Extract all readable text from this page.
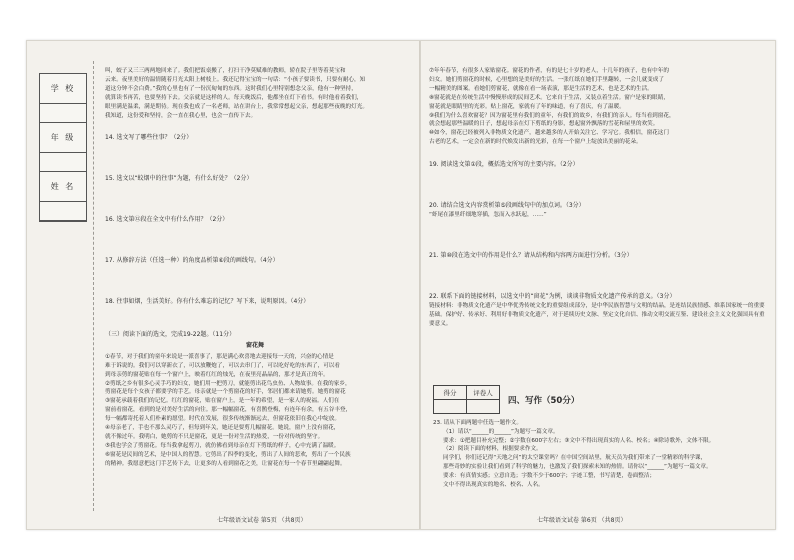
学 校
年 级
姓 名

叫，蛟子又三三两两地回来了。我们把饭桌搬了，打扫干净莫赋难的教师，轿在院子里等着莫宝和

云来。夜里美好的温情随着月光太阳上树枝上。我还记得宝宝的一句话：“小孩子要读书，只要有耐心，知

道这分钟不会白费。”我的心里也有了一份沉甸甸的东西。这时我们心里特别想念父亲，他有一种坚持，

就算读书再苦，也要坚持下去。父亲就是这样的人。每天晚饭后，他都坐在灯下看书。有时他看着我们，

眼里满是温柔，满是期待。现在我也成了一名老师，站在讲台上，我常常想起父亲，想起那些夜晚的灯光。

我知道，这份爱和坚持，会一直在我心里，也会一直传下去。

14. 选文写了哪些往事？（2分）

15. 选文以“蚊烟中的往事”为题，有什么好处？（2分）

16. 选文第⑫段在全文中有什么作用？（2分）

17. 从修辞方法（任选一种）的角度品析第⑥段的画线句。（4分）

18. 往事如烟，生活美好。你有什么难忘的记忆？写下来，说明原因。（4分）

（三）阅读下面的选文，完成19-22题。（11分）

窗花舞

①春节，对于我们的童年来说是一派喜事了，那是满心欢喜地去迎接每一天的，兴奋的心情是

难于诉说的。我们可以穿新衣了，可以放鞭炮了，可以去串门了，可以吃好吃的东西了，可以看

到母亲剪的窗花贴在每一个窗户上，映着红红的烛光，在夜里亮晶晶的，那才是真正的年。

②剪纸之乡有很多心灵手巧的妇女，她们用一把剪刀，就能剪出花鸟虫鱼、人物故事。在我的家乡，

剪窗花是每个女孩子都要学的手艺。母亲就是一个剪窗花的好手，邻居们都来请她剪。她剪的窗花

③窗花承载着我们的记忆。红红的窗花，贴在窗户上，是一年的希望，是一家人的祝福。人们在

窗前看窗花，看到的是对美好生活的向往。那一幅幅窗花，有喜鹊登梅，有连年有余，有五谷丰登，

每一幅都寄托着人们朴素的愿望。时代在发展，很多传统渐渐远去，但窗花依旧在我心中绽放。

④母亲老了，手也不那么灵巧了，但每到年关，她还是要剪几幅窗花。她说，窗户上没有窗花，

就不像过年。我明白，她剪的不只是窗花，更是一份对生活的热爱，一份对传统的坚守。

⑤我也学会了剪窗花。每当我拿起剪刀，就仿佛看到母亲在灯下剪纸的样子，心中充满了温暖。

⑥窗花是民间的艺术，是中国人的智慧。它剪出了四季的变化，剪出了人间的悲欢，剪出了一个民族

的精神。我愿意把这门手艺传下去，让更多的人看到窗花之美，让窗花在每一个春节里翩翩起舞。

七年级语文试卷 第5页 （共8页）

⑦年年春节，有很多人家贴窗花。窗花的作者，有的是七十岁的老人，十几年的孩子，也有中年的

妇女。她们剪窗花的时候，心里想的是美好的生活。一张红纸在她们手里翻转，一会儿就变成了

一幅精美的图案。看她们剪窗花，就像在看一场表演，那是生活的艺术，也是艺术的生活。

⑧窗花就是在传统生活中慢慢形成的民间艺术。它来自于生活，又装点着生活。窗户是家的眼睛，

窗花就是眼睛里的光彩。贴上窗花，家就有了年的味道，有了喜庆，有了温暖。

⑨我们为什么喜欢窗花？因为窗花里有我们的童年，有我们的故乡，有我们的亲人。每当看到窗花，

就会想起那些温暖的日子，想起母亲在灯下剪纸的身影，想起窗外飘落的雪花和屋里的欢笑。

⑩如今，窗花已经被列入非物质文化遗产，越来越多的人开始关注它、学习它。我相信，窗花这门

古老的艺术，一定会在新的时代焕发出新的光彩，在每一个窗户上绽放出美丽的花朵。

19. 阅读选文第①段，概括选文所写的主要内容。（2分）

20. 请结合选文内容赏析第⑤段画线句中的加点词。（3分）

“虾尾在漆里纤细地穿插，忽而入水跃起，……”

21. 第⑩段在选文中的作用是什么？请从结构和内容两方面进行分析。（3分）

22. 联系下面的链接材料，以选文中的“窗花”为例，谈谈非物质文化遗产传承的意义。（3分）

链接材料：非物质文化遗产是中华优秀传统文化的重要组成部分，是中华民族智慧与文明的结晶，是连结民族情感、维系国家统一的重要基础。保护好、传承好、利用好非物质文化遗产，对于延续历史文脉、坚定文化自信、推动文明交流互鉴、建设社会主义文化强国具有重要意义。

得分	评卷人

四、写作（50分）

23. 请从下面两题中任选一题作文。

（1）请以“______的______”为题写一篇文章。

要求：①把题目补充完整；②字数在600字左右；③文中不得出现真实的人名、校名；④除诗歌外，文体不限。

（2）阅读下面的材料，根据要求作文。

同学们，你们还记得“天地之问”的太空课堂吗？在中国空间站里，航天员为我们带来了一堂精彩的科学课，

那些奇妙的实验让我们看到了科学的魅力，也激发了我们探索未知的热情。请你以“______”为题写一篇文章。

要求：有真情实感；立意自选；字数不少于600字；字迹工整，书写清楚，卷面整洁；

文中不得出现真实的地名、校名、人名。

七年级语文试卷 第6页 （共8页）
